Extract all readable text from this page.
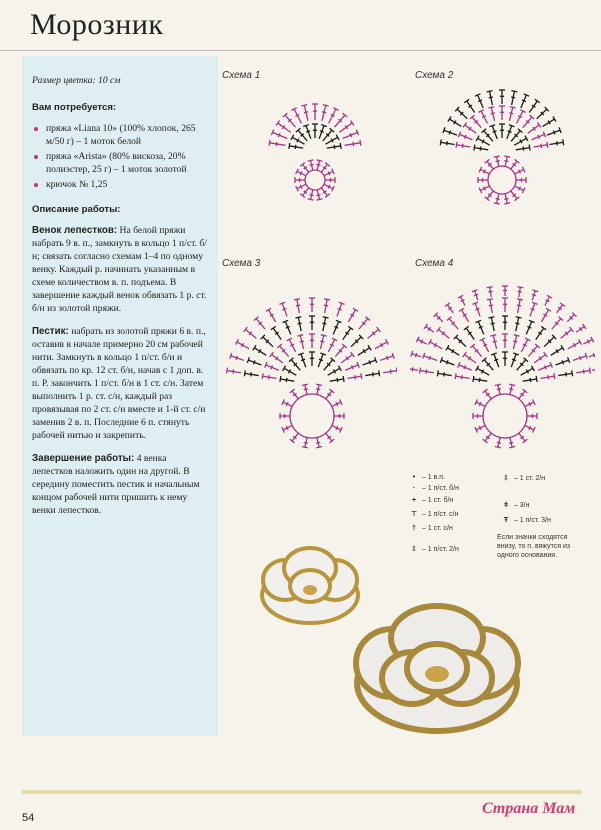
Морозник

Размер цветка: 10 см

Вам потребуется:

пряжа «Liana 10» (100% хлопок, 265 м/50 г) – 1 моток белой
пряжа «Arista» (80% вискоза, 20% полиэстер, 25 г) – 1 моток золотой
крючок № 1,25

Описание работы:

Венок лепестков: На белой пряжи набрать 9 в. п., замкнуть в кольцо 1 п/ст. б/н; связать согласно схемам 1–4 по одному венку. Каждый р. начинать указанным в схеме количеством в. п. подъема. В завершение каждый венок обвязать 1 р. ст. б/н из золотой пряжи.

Пестик: набрать из золотой пряжи 6 в. п., оставив в начале примерно 20 см рабочей нити. Замкнуть в кольцо 1 п/ст. б/н и обвязать по кр. 12 ст. б/н, начав с 1 доп. в. п. Р. закончить 1 п/ст. б/н в 1 ст. с/н. Затем выполнить 1 р. ст. с/н, каждый раз провязывая по 2 ст. с/н вместе и 1-й ст. с/н заменив 2 в. п. Последние 6 п. стянуть рабочей нитью и закрепить.

Завершение работы: 4 венка лепестков наложить один на другой. В середину поместить пестик и начальным концом рабочей нити пришить к нему венки лепестков.

Схема 1	Схема 2
Схема 3	Схема 4
• – 1 в.п.
· – 1 п/ст. б/н
+ – 1 ст. б/н
⊤ – 1 п/ст. с/н
† – 1 ст. с/н
‡ – 1 п/ст. 2/н
‡ – 1 ст. 2/н
ǂ – 3/н
Ŧ – 1 п/ст. 3/н
Если значки сходятся внизу, то п. вяжутся из одного основания.
54
Страна Мам
